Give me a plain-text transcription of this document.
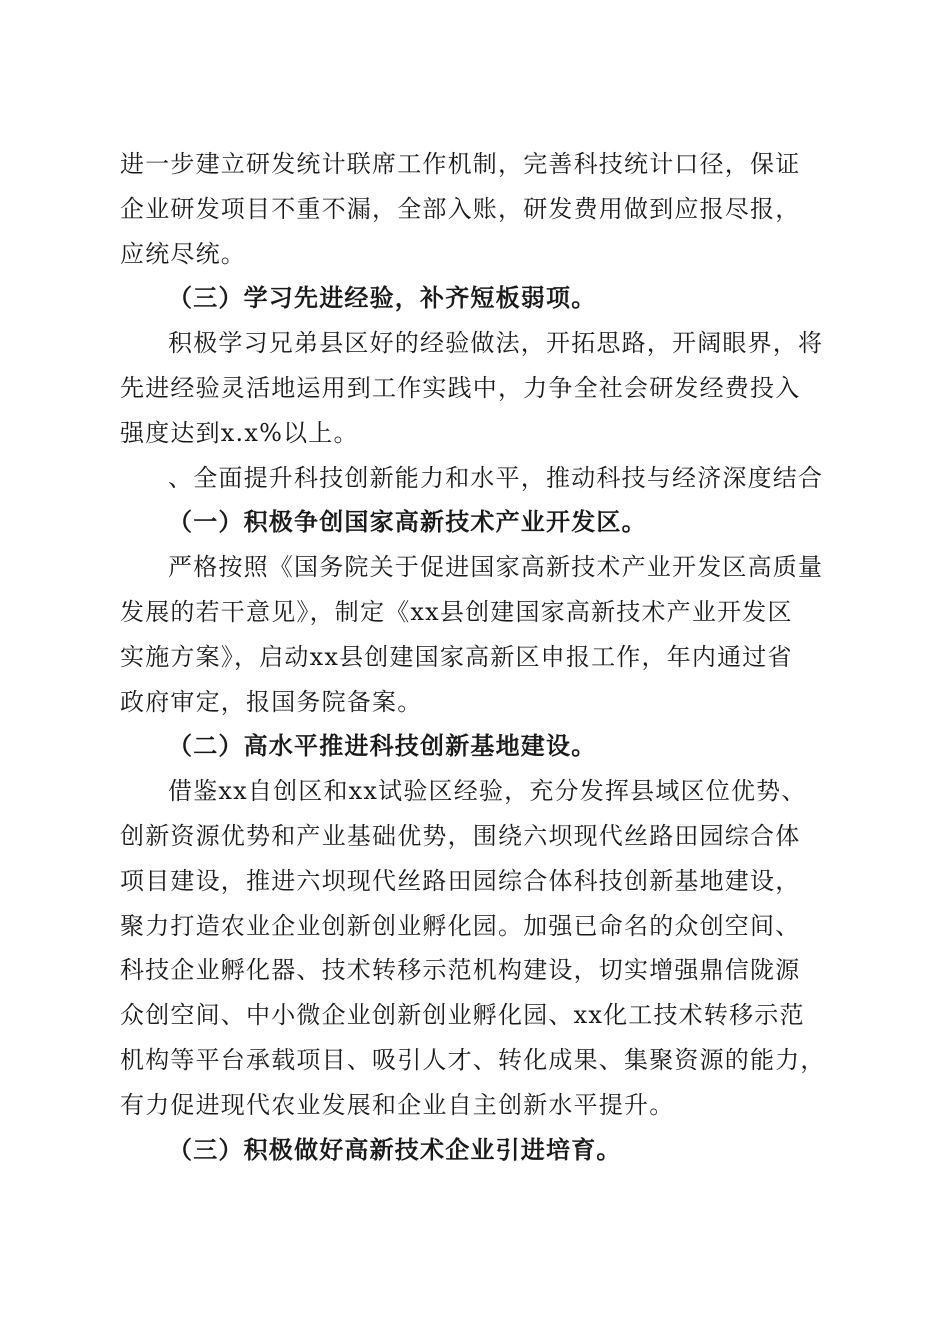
进一步建立研发统计联席工作机制，完善科技统计口径，保证
企业研发项目不重不漏，全部入账，研发费用做到应报尽报，
应统尽统。
（三）学习先进经验，补齐短板弱项。
积极学习兄弟县区好的经验做法，开拓思路，开阔眼界，将
先进经验灵活地运用到工作实践中，力争全社会研发经费投入
强度达到x.x%以上。
、全面提升科技创新能力和水平，推动科技与经济深度结合
（一）积极争创国家高新技术产业开发区。
严格按照《国务院关于促进国家高新技术产业开发区高质量
发展的若干意见》，制定《xx县创建国家高新技术产业开发区
实施方案》，启动xx县创建国家高新区申报工作，年内通过省
政府审定，报国务院备案。
（二）高水平推进科技创新基地建设。
借鉴xx自创区和xx试验区经验，充分发挥县域区位优势、
创新资源优势和产业基础优势，围绕六坝现代丝路田园综合体
项目建设，推进六坝现代丝路田园综合体科技创新基地建设，
聚力打造农业企业创新创业孵化园。加强已命名的众创空间、
科技企业孵化器、技术转移示范机构建设，切实增强鼎信陇源
众创空间、中小微企业创新创业孵化园、xx化工技术转移示范
机构等平台承载项目、吸引人才、转化成果、集聚资源的能力，
有力促进现代农业发展和企业自主创新水平提升。
（三）积极做好高新技术企业引进培育。
